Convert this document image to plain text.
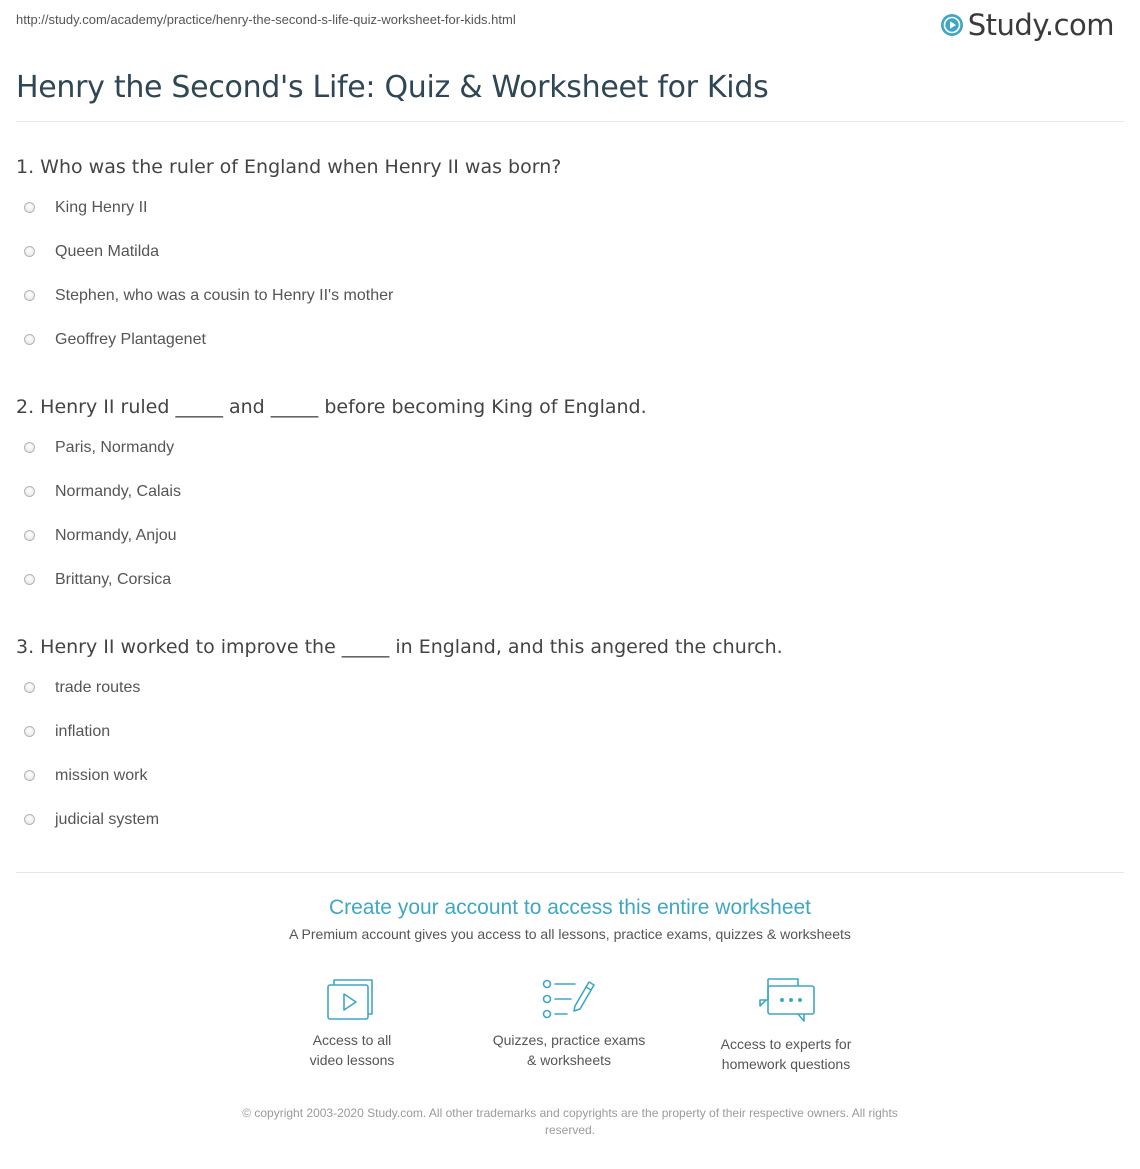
http://study.com/academy/practice/henry-the-second-s-life-quiz-worksheet-for-kids.html	Study.com
Henry the Second's Life: Quiz & Worksheet for Kids

1. Who was the ruler of England when Henry II was born?

King Henry II
Queen Matilda
Stephen, who was a cousin to Henry II's mother
Geoffrey Plantagenet

2. Henry II ruled _____ and _____ before becoming King of England.

Paris, Normandy
Normandy, Calais
Normandy, Anjou
Brittany, Corsica

3. Henry II worked to improve the _____ in England, and this angered the church.

trade routes
inflation
mission work
judicial system
Create your account to access this entire worksheet
A Premium account gives you access to all lessons, practice exams, quizzes & worksheets
Access to all
video lessons
Quizzes, practice exams
& worksheets
Access to experts for
homework questions
© copyright 2003-2020 Study.com. All other trademarks and copyrights are the property of their respective owners. All rights
reserved.
